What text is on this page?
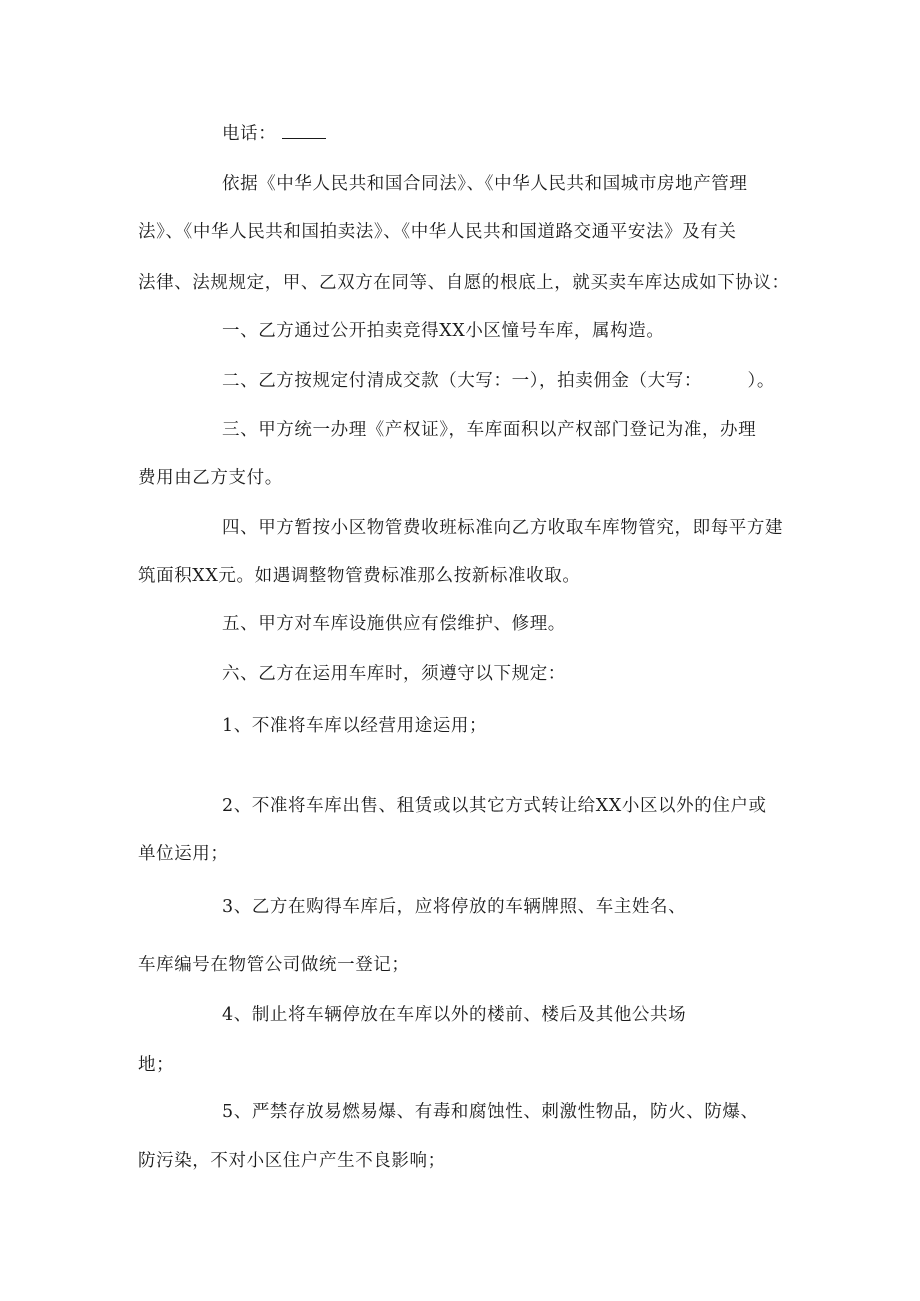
电话：
依据《中华人民共和国合同法》、《中华人民共和国城市房地产管理
法》、《中华人民共和国拍卖法》、《中华人民共和国道路交通平安法》及有关
法律、法规规定，甲、乙双方在同等、自愿的根底上，就买卖车库达成如下协议：
一、乙方通过公开拍卖竞得XX小区憧号车库，属构造。
二、乙方按规定付清成交款（大写：一），拍卖佣金（大写：　　　）。
三、甲方统一办理《产权证》，车库面积以产权部门登记为准，办理
费用由乙方支付。
四、甲方暂按小区物管费收班标准向乙方收取车库物管究，即每平方建
筑面积XX元。如遇调整物管费标准那么按新标准收取。
五、甲方对车库设施供应有偿维护、修理。
六、乙方在运用车库时，须遵守以下规定：
1、不准将车库以经营用途运用；
2、不准将车库出售、租赁或以其它方式转让给XX小区以外的住户或
单位运用；
3、乙方在购得车库后，应将停放的车辆牌照、车主姓名、
车库编号在物管公司做统一登记；
4、制止将车辆停放在车库以外的楼前、楼后及其他公共场
地；
5、严禁存放易燃易爆、有毒和腐蚀性、刺激性物品，防火、防爆、
防污染，不对小区住户产生不良影响；
